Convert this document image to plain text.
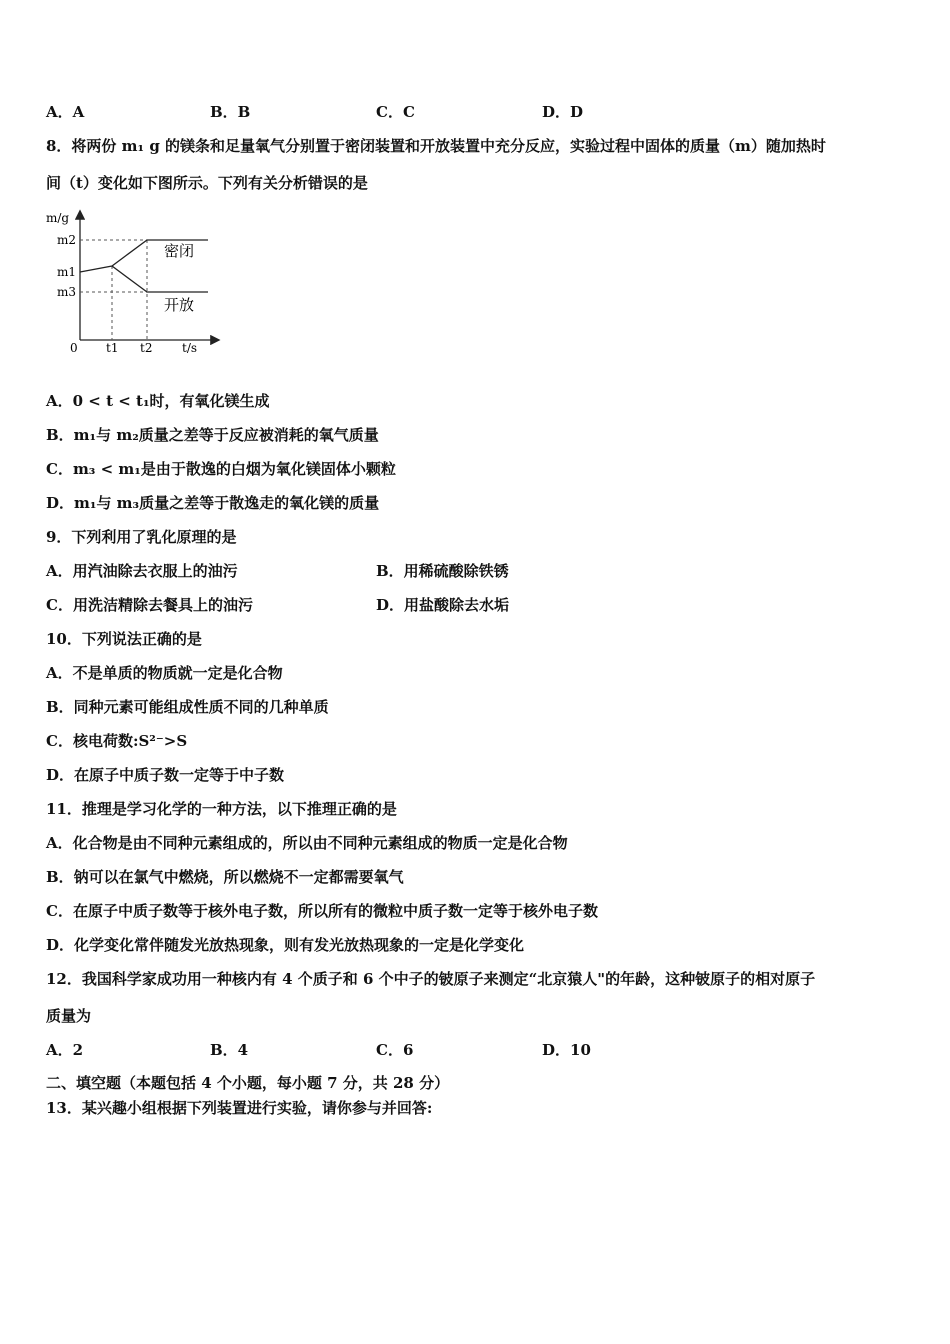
A．A	B．B	C．C	D．D
8．将两份 m₁ g 的镁条和足量氧气分别置于密闭装置和开放装置中充分反应，实验过程中固体的质量（m）随加热时
间（t）变化如下图所示。下列有关分析错误的是
m/g
t/s
0
m2
m1
m3
t1 t2
密闭
开放
A．0 < t < t₁时，有氧化镁生成
B．m₁与 m₂质量之差等于反应被消耗的氧气质量
C．m₃ < m₁是由于散逸的白烟为氧化镁固体小颗粒
D．m₁与 m₃质量之差等于散逸走的氧化镁的质量
9．下列利用了乳化原理的是
A．用汽油除去衣服上的油污	B．用稀硫酸除铁锈
C．用洗洁精除去餐具上的油污	D．用盐酸除去水垢
10．下列说法正确的是
A．不是单质的物质就一定是化合物
B．同种元素可能组成性质不同的几种单质
C．核电荷数:S²⁻>S
D．在原子中质子数一定等于中子数
11．推理是学习化学的一种方法，以下推理正确的是
A．化合物是由不同种元素组成的，所以由不同种元素组成的物质一定是化合物
B．钠可以在氯气中燃烧，所以燃烧不一定都需要氧气
C．在原子中质子数等于核外电子数，所以所有的微粒中质子数一定等于核外电子数
D．化学变化常伴随发光放热现象，则有发光放热现象的一定是化学变化
12．我国科学家成功用一种核内有 4 个质子和 6 个中子的铍原子来测定“北京猿人"的年龄，这种铍原子的相对原子
质量为
A．2	B．4	C．6	D．10
二、填空题（本题包括 4 个小题，每小题 7 分，共 28 分）
13．某兴趣小组根据下列装置进行实验，请你参与并回答:
